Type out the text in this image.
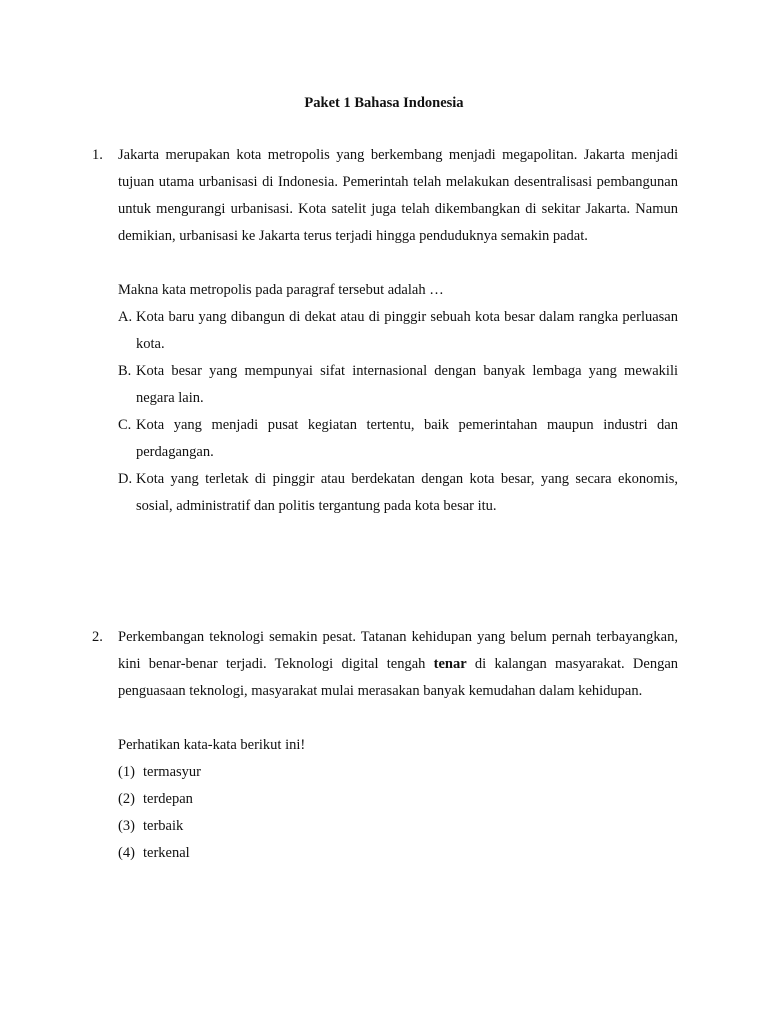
Paket 1 Bahasa Indonesia
1. Jakarta merupakan kota metropolis yang berkembang menjadi megapolitan. Jakarta menjadi tujuan utama urbanisasi di Indonesia. Pemerintah telah melakukan desentralisasi pembangunan untuk mengurangi urbanisasi. Kota satelit juga telah dikembangkan di sekitar Jakarta. Namun demikian, urbanisasi ke Jakarta terus terjadi hingga penduduknya semakin padat.

Makna kata metropolis pada paragraf tersebut adalah …

A. Kota baru yang dibangun di dekat atau di pinggir sebuah kota besar dalam rangka perluasan kota.
B. Kota besar yang mempunyai sifat internasional dengan banyak lembaga yang mewakili negara lain.
C. Kota yang menjadi pusat kegiatan tertentu, baik pemerintahan maupun industri dan perdagangan.
D. Kota yang terletak di pinggir atau berdekatan dengan kota besar, yang secara ekonomis, sosial, administratif dan politis tergantung pada kota besar itu.
2. Perkembangan teknologi semakin pesat. Tatanan kehidupan yang belum pernah terbayangkan, kini benar-benar terjadi. Teknologi digital tengah tenar di kalangan masyarakat. Dengan penguasaan teknologi, masyarakat mulai merasakan banyak kemudahan dalam kehidupan.

Perhatikan kata-kata berikut ini!

(1) termasyur
(2) terdepan
(3) terbaik
(4) terkenal
